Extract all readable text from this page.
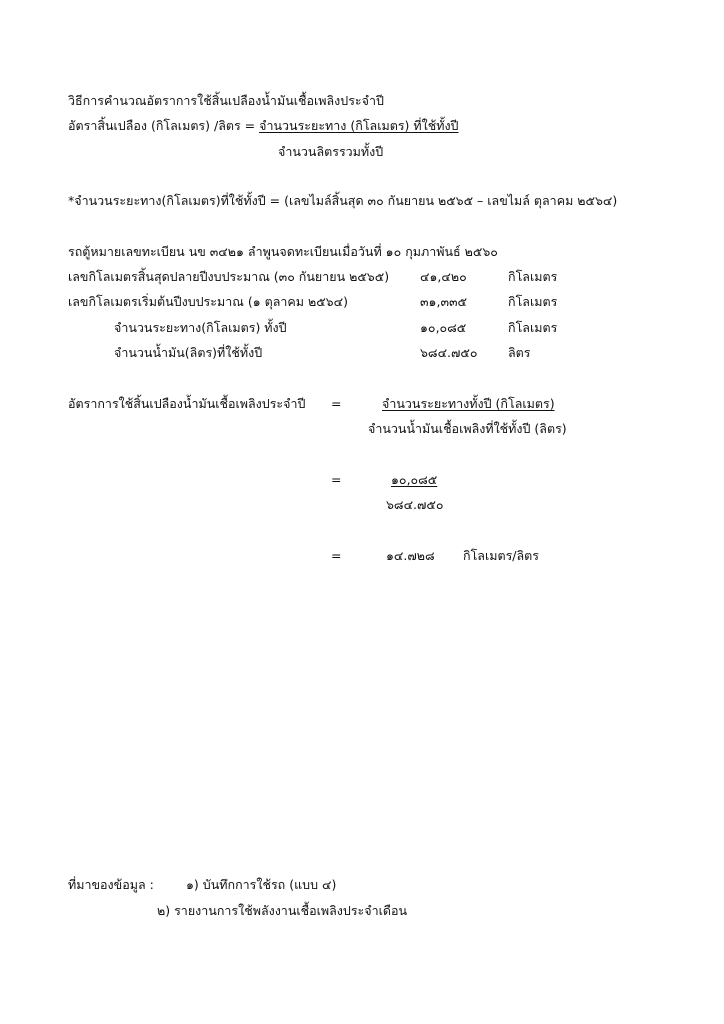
วิธีการคำนวณอัตราการใช้สิ้นเปลืองน้ำมันเชื้อเพลิงประจำปี
อัตราสิ้นเปลือง (กิโลเมตร) /ลิตร = จำนวนระยะทาง (กิโลเมตร) ที่ใช้ทั้งปี
จำนวนลิตรรวมทั้งปี
*จำนวนระยะทาง(กิโลเมตร)ที่ใช้ทั้งปี = (เลขไมล์สิ้นสุด ๓๐ กันยายน ๒๕๖๕ – เลขไมล์ ตุลาคม ๒๕๖๔)
รถตู้หมายเลขทะเบียน นข ๓๔๒๑ ลำพูนจดทะเบียนเมื่อวันที่ ๑๐ กุมภาพันธ์ ๒๕๖๐
เลขกิโลเมตรสิ้นสุดปลายปีงบประมาณ (๓๐ กันยายน ๒๕๖๕) ๔๑,๔๒๐	กิโลเมตร
เลขกิโลเมตรเริ่มต้นปีงบประมาณ (๑ ตุลาคม ๒๕๖๔)	๓๑,๓๓๕	กิโลเมตร
จำนวนระยะทาง(กิโลเมตร) ทั้งปี	๑๐,๐๘๕	กิโลเมตร
จำนวนน้ำมัน(ลิตร)ที่ใช้ทั้งปี	๖๘๔.๗๕๐ ลิตร
อัตราการใช้สิ้นเปลืองน้ำมันเชื้อเพลิงประจำปี =	จำนวนระยะทางทั้งปี (กิโลเมตร)
จำนวนน้ำมันเชื้อเพลิงที่ใช้ทั้งปี (ลิตร)
=	๑๐,๐๘๕
๖๘๔.๗๕๐
=	๑๔.๗๒๘ กิโลเมตร/ลิตร
ที่มาของข้อมูล :	๑) บันทึกการใช้รถ (แบบ ๔)
๒) รายงานการใช้พลังงานเชื้อเพลิงประจำเดือน
